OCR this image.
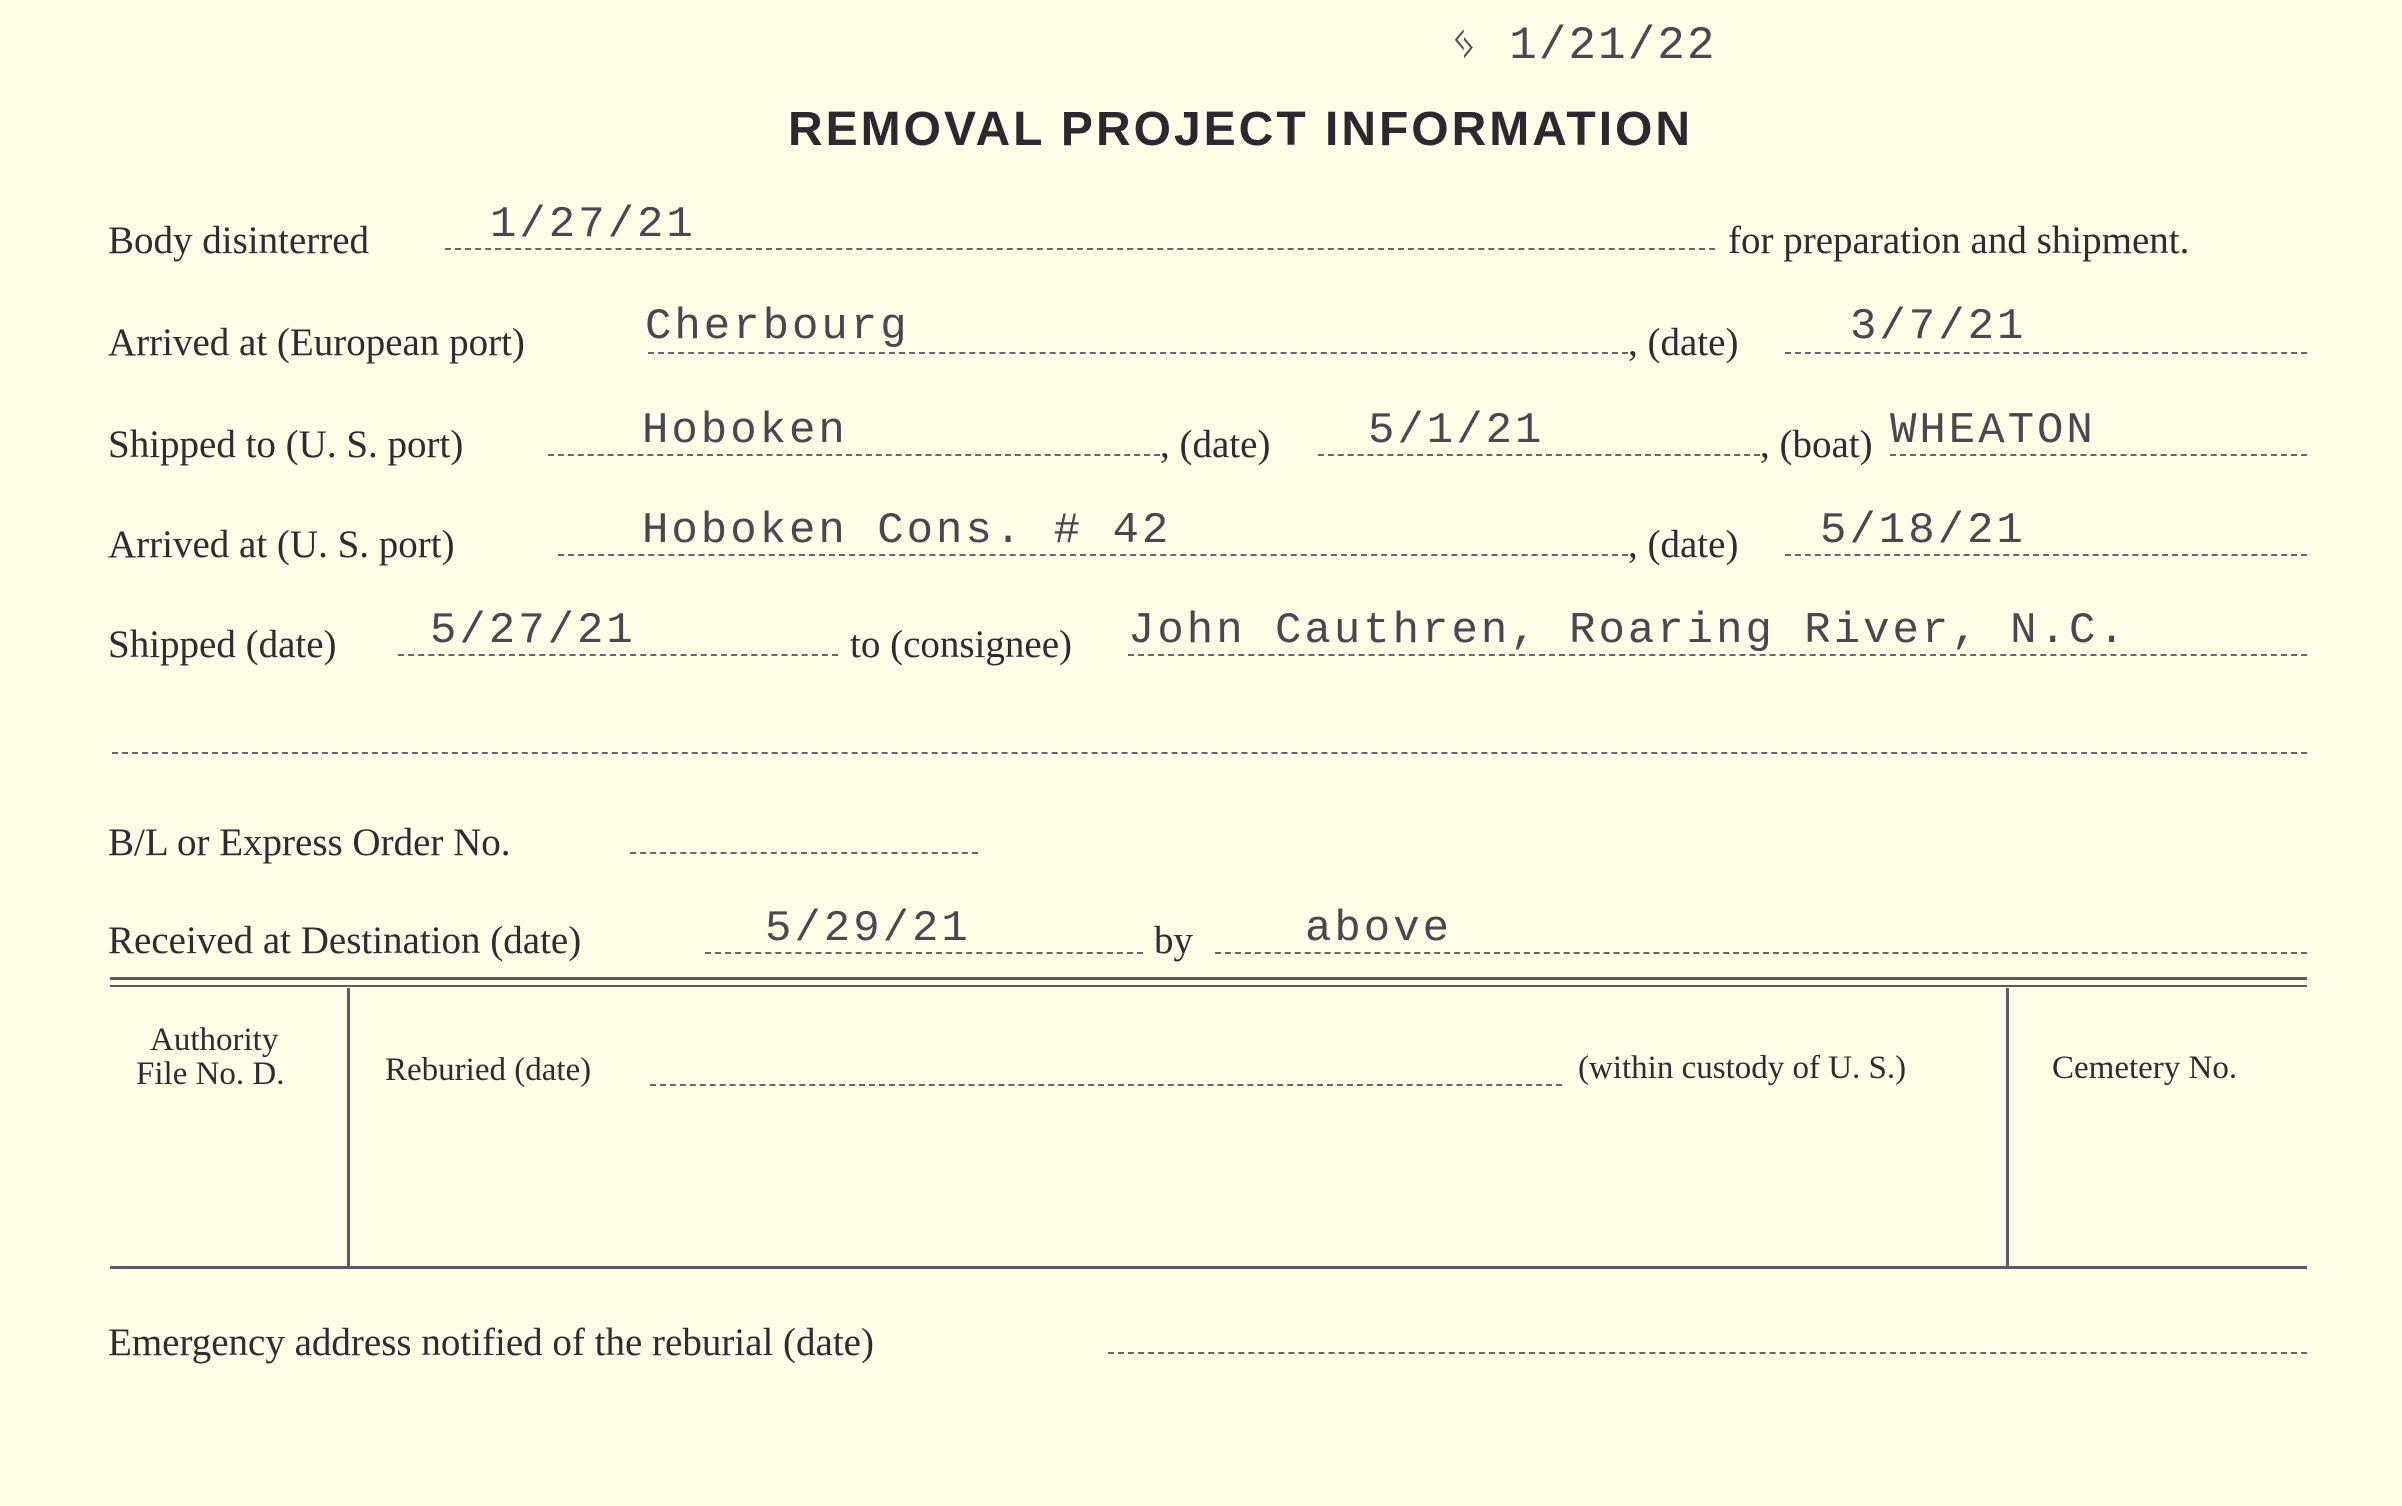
ᛃ 1/21/22
REMOVAL PROJECT INFORMATION
Body disinterred	1/27/21	for preparation and shipment.
Arrived at (European port)	Cherbourg	, (date)	3/7/21
Shipped to (U. S. port)	Hoboken	, (date) 5/1/21	, (boat) WHEATON
Arrived at (U. S. port)	Hoboken Cons. # 42	, (date) 5/18/21
Shipped (date) 5/27/21	to (consignee) John Cauthren, Roaring River, N.C.
B/L or Express Order No.
Received at Destination (date)	5/29/21	by	above
Authority
File No. D.	Reburied (date)	(within custody of U. S.)	Cemetery No.
Emergency address notified of the reburial (date)
